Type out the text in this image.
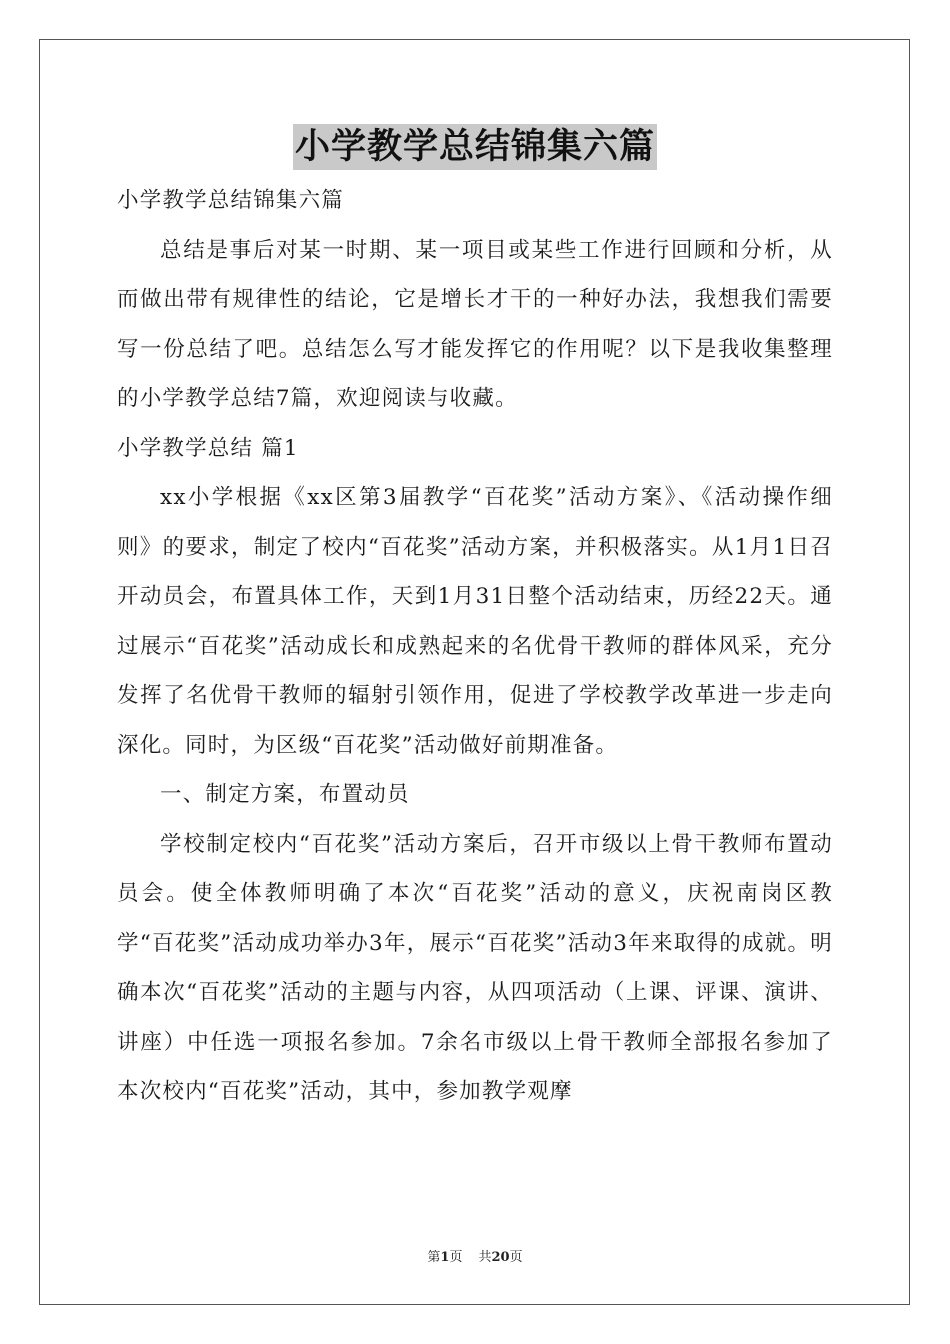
小学教学总结锦集六篇

小学教学总结锦集六篇

总结是事后对某一时期、某一项目或某些工作进行回顾和分析，从而做出带有规律性的结论，它是增长才干的一种好办法，我想我们需要写一份总结了吧。总结怎么写才能发挥它的作用呢？以下是我收集整理的小学教学总结7篇，欢迎阅读与收藏。

小学教学总结 篇1

xx小学根据《xx区第3届教学“百花奖”活动方案》、《活动操作细则》的要求，制定了校内“百花奖”活动方案，并积极落实。从1月1日召开动员会，布置具体工作，天到1月31日整个活动结束，历经22天。通过展示“百花奖”活动成长和成熟起来的名优骨干教师的群体风采，充分发挥了名优骨干教师的辐射引领作用，促进了学校教学改革进一步走向深化。同时，为区级“百花奖”活动做好前期准备。

一、制定方案，布置动员

学校制定校内“百花奖”活动方案后，召开市级以上骨干教师布置动员会。使全体教师明确了本次“百花奖”活动的意义，庆祝南岗区教学“百花奖”活动成功举办3年，展示“百花奖”活动3年来取得的成就。明确本次“百花奖”活动的主题与内容，从四项活动（上课、评课、演讲、讲座）中任选一项报名参加。7余名市级以上骨干教师全部报名参加了本次校内“百花奖”活动，其中，参加教学观摩

第1页 共20页
